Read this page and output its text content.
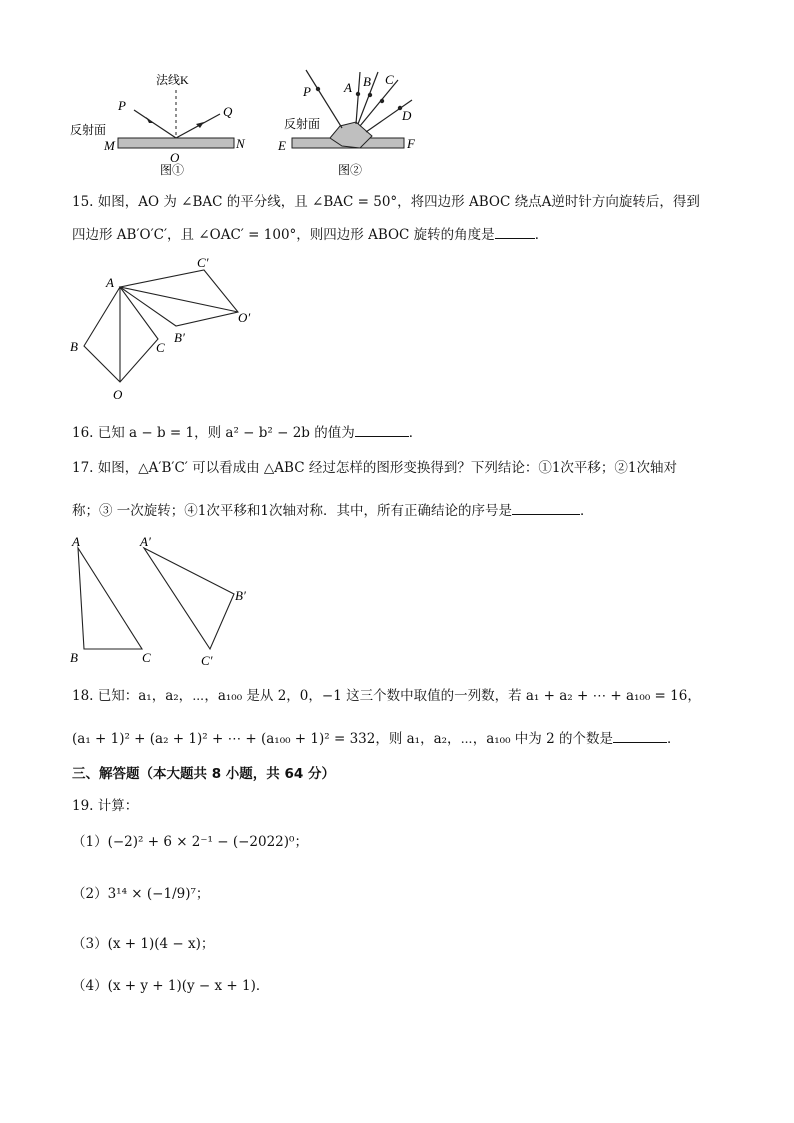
法线K
P	Q
M	N
O
反射面
图①
P	A B C
D
E	F
反射面
图②
15. 如图，AO 为 ∠BAC 的平分线，且 ∠BAC = 50°，将四边形 ABOC 绕点A逆时针方向旋转后，得到
四边形 AB′O′C′，且 ∠OAC′ = 100°，则四边形 ABOC 旋转的角度是	．
A
B	C
O
B′
C′
O′
16. 已知 a − b = 1，则 a² − b² − 2b 的值为	．
17. 如图，△A′B′C′ 可以看成由 △ABC 经过怎样的图形变换得到？下列结论：①1次平移；②1次轴对
称；③ 一次旋转；④1次平移和1次轴对称．其中，所有正确结论的序号是	．
A
B	C
A′
B′
C′
18. 已知：a₁，a₂，⋯，a₁₀₀ 是从 2，0，−1 这三个数中取值的一列数，若 a₁ + a₂ + ⋯ + a₁₀₀ = 16，
(a₁ + 1)² + (a₂ + 1)² + ⋯ + (a₁₀₀ + 1)² = 332，则 a₁，a₂，⋯，a₁₀₀ 中为 2 的个数是	．
三、解答题（本大题共 8 小题，共 64 分）
19. 计算：
（1）(−2)² + 6 × 2⁻¹ − (−2022)⁰；
（2）3¹⁴ × (−1/9)⁷；
（3）(x + 1)(4 − x)；
（4）(x + y + 1)(y − x + 1)．
